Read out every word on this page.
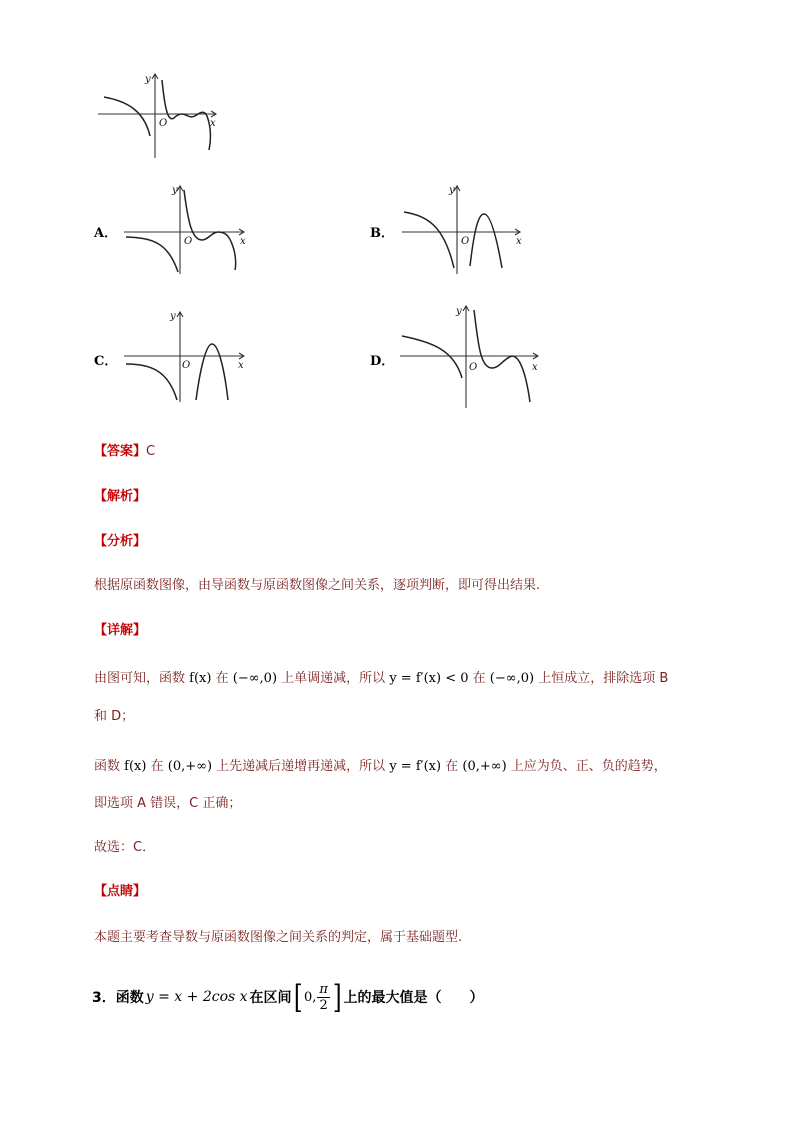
x
y
O
A．
x
y
O
B．
x
y
O
C．	x
y
O	D．	x
y
O
【答案】C
【解析】
【分析】
根据原函数图像，由导函数与原函数图像之间关系，逐项判断，即可得出结果.
【详解】
由图可知，函数 f(x) 在 (−∞,0) 上单调递减，所以 y = f′(x) < 0 在 (−∞,0) 上恒成立，排除选项 B
和 D；
函数 f(x) 在 (0,+∞) 上先递减后递增再递减，所以 y = f′(x) 在 (0,+∞) 上应为负、正、负的趋势，
即选项 A 错误，C 正确；
故选：C．
【点睛】
本题主要考查导数与原函数图像之间关系的判定，属于基础题型.
3．函数 y = x + 2cos x 在区间 [ 0, $\frac{\pi}{2}$ ] 上的最大值是（　　）
